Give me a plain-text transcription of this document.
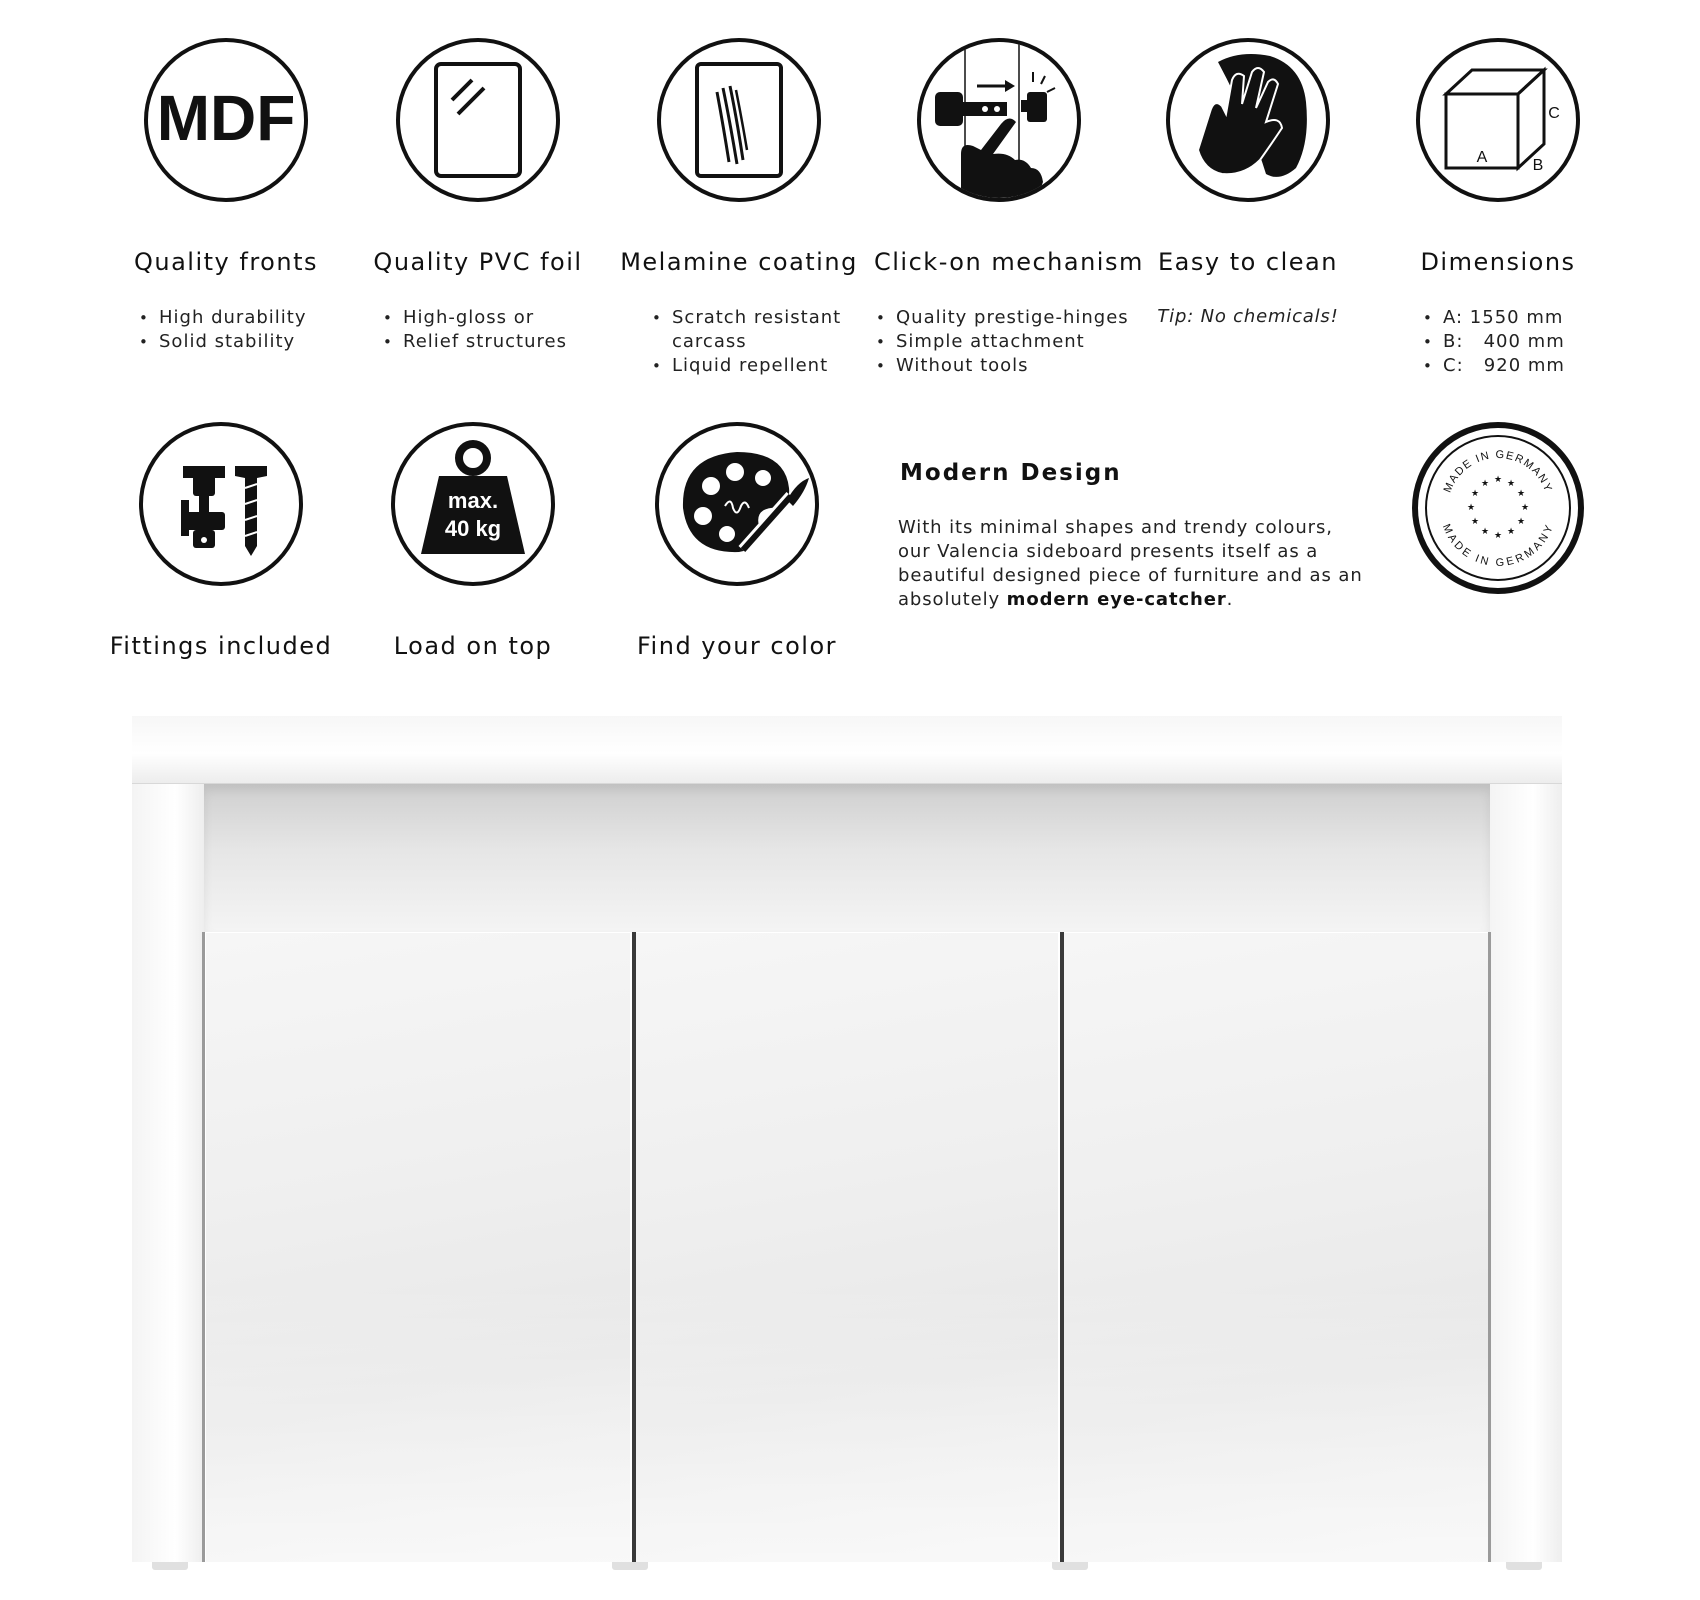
MDF
Quality fronts
• High durability
• Solid stability
Quality PVC foil
• High-gloss or
• Relief structures
Melamine coating
• Scratch resistant
carcass
• Liquid repellent
Click-on mechanism
• Quality prestige-hinges
• Simple attachment
• Without tools
Easy to clean
Tip: No chemicals!
A	B
C
Dimensions
• A: 1550 mm
• B:   400 mm
• C:   920 mm
Fittings included
max.
40 kg
Load on top	Find your color
Modern Design
With its minimal shapes and trendy colours, our Valencia sideboard presents itself as a beautiful designed piece of furniture and as an absolutely modern eye-catcher.
MADE IN GERMANY
MADE IN GERMANY
★ ★
★
★
★
★
★
★
★
★
★
★
